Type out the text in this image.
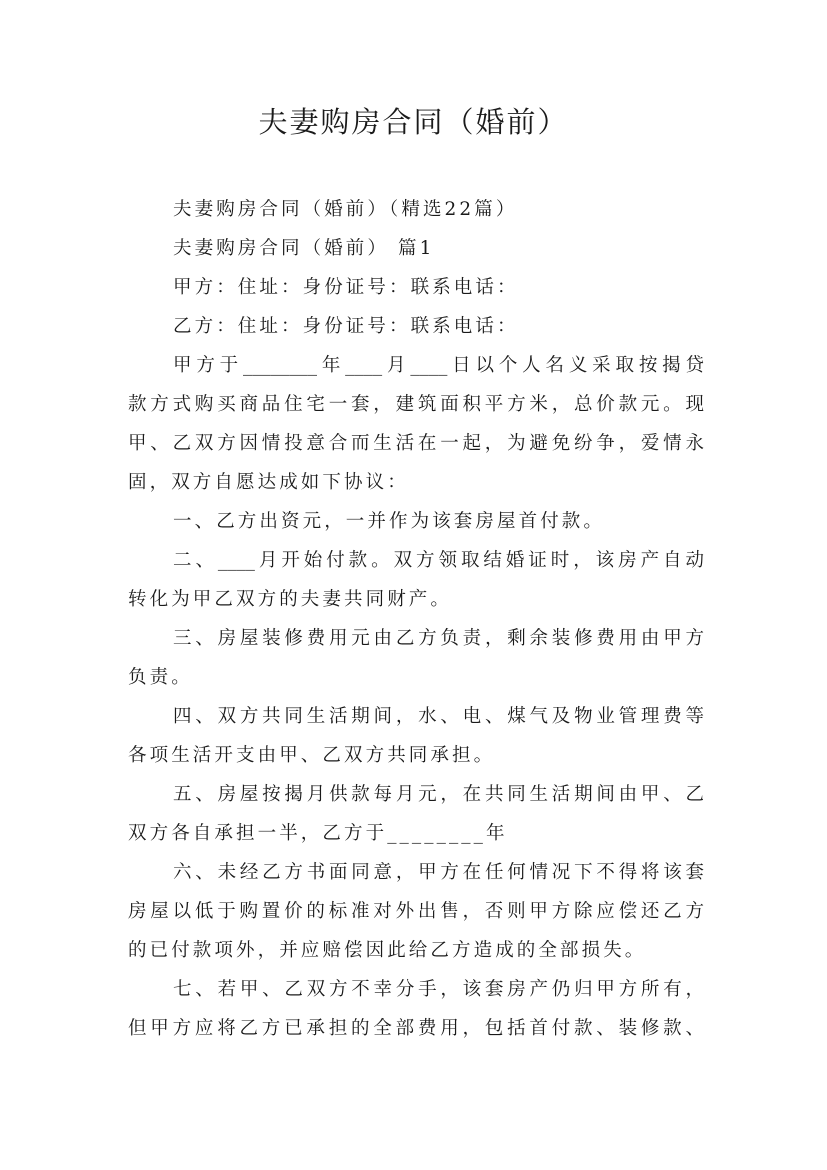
夫妻购房合同（婚前）
夫妻购房合同（婚前）（精选22篇）
夫妻购房合同（婚前） 篇1
甲方：住址：身份证号：联系电话：
乙方：住址：身份证号：联系电话：
甲方于________年____月____日以个人名义采取按揭贷
款方式购买商品住宅一套，建筑面积平方米，总价款元。现
甲、乙双方因情投意合而生活在一起，为避免纷争，爱情永
固，双方自愿达成如下协议：
一、乙方出资元，一并作为该套房屋首付款。
二、____月开始付款。双方领取结婚证时，该房产自动
转化为甲乙双方的夫妻共同财产。
三、房屋装修费用元由乙方负责，剩余装修费用由甲方
负责。
四、双方共同生活期间，水、电、煤气及物业管理费等
各项生活开支由甲、乙双方共同承担。
五、房屋按揭月供款每月元，在共同生活期间由甲、乙
双方各自承担一半，乙方于________年
六、未经乙方书面同意，甲方在任何情况下不得将该套
房屋以低于购置价的标准对外出售，否则甲方除应偿还乙方
的已付款项外，并应赔偿因此给乙方造成的全部损失。
七、若甲、乙双方不幸分手，该套房产仍归甲方所有，
但甲方应将乙方已承担的全部费用，包括首付款、装修款、
